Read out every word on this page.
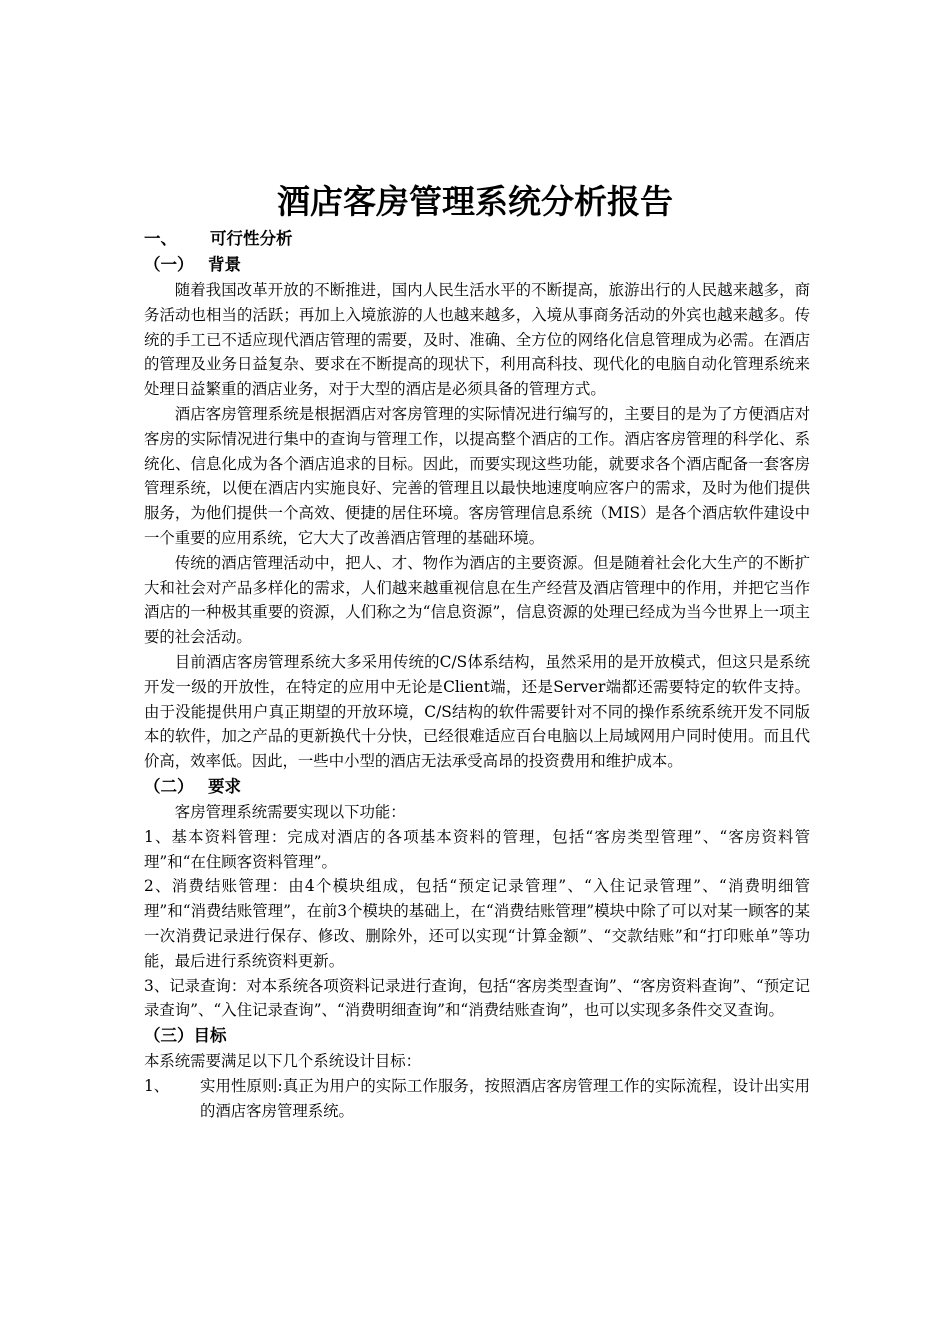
酒店客房管理系统分析报告
一、 可行性分析
（一） 背景

随着我国改革开放的不断推进，国内人民生活水平的不断提高，旅游出行的人民越来越多，商务活动也相当的活跃；再加上入境旅游的人也越来越多，入境从事商务活动的外宾也越来越多。传统的手工已不适应现代酒店管理的需要，及时、准确、全方位的网络化信息管理成为必需。在酒店的管理及业务日益复杂、要求在不断提高的现状下，利用高科技、现代化的电脑自动化管理系统来处理日益繁重的酒店业务，对于大型的酒店是必须具备的管理方式。

酒店客房管理系统是根据酒店对客房管理的实际情况进行编写的，主要目的是为了方便酒店对客房的实际情况进行集中的查询与管理工作，以提高整个酒店的工作。酒店客房管理的科学化、系统化、信息化成为各个酒店追求的目标。因此，而要实现这些功能，就要求各个酒店配备一套客房管理系统，以便在酒店内实施良好、完善的管理且以最快地速度响应客户的需求，及时为他们提供服务，为他们提供一个高效、便捷的居住环境。客房管理信息系统（MIS）是各个酒店软件建设中一个重要的应用系统，它大大了改善酒店管理的基础环境。

传统的酒店管理活动中，把人、才、物作为酒店的主要资源。但是随着社会化大生产的不断扩大和社会对产品多样化的需求，人们越来越重视信息在生产经营及酒店管理中的作用，并把它当作酒店的一种极其重要的资源，人们称之为“信息资源”，信息资源的处理已经成为当今世界上一项主要的社会活动。

目前酒店客房管理系统大多采用传统的C/S体系结构，虽然采用的是开放模式，但这只是系统开发一级的开放性，在特定的应用中无论是Client端，还是Server端都还需要特定的软件支持。由于没能提供用户真正期望的开放环境，C/S结构的软件需要针对不同的操作系统系统开发不同版本的软件，加之产品的更新换代十分快，已经很难适应百台电脑以上局域网用户同时使用。而且代价高，效率低。因此，一些中小型的酒店无法承受高昂的投资费用和维护成本。

（二） 要求

客房管理系统需要实现以下功能：

1、基本资料管理：完成对酒店的各项基本资料的管理，包括“客房类型管理”、“客房资料管理”和“在住顾客资料管理”。

2、消费结账管理：由4个模块组成，包括“预定记录管理”、“入住记录管理”、“消费明细管理”和“消费结账管理”，在前3个模块的基础上，在“消费结账管理”模块中除了可以对某一顾客的某一次消费记录进行保存、修改、删除外，还可以实现“计算金额”、“交款结账”和“打印账单”等功能，最后进行系统资料更新。

3、记录查询：对本系统各项资料记录进行查询，包括“客房类型查询”、“客房资料查询”、“预定记录查询”、“入住记录查询”、“消费明细查询”和“消费结账查询”，也可以实现多条件交叉查询。

（三）目标

本系统需要满足以下几个系统设计目标：

1、	实用性原则:真正为用户的实际工作服务，按照酒店客房管理工作的实际流程，设计出实用的酒店客房管理系统。
